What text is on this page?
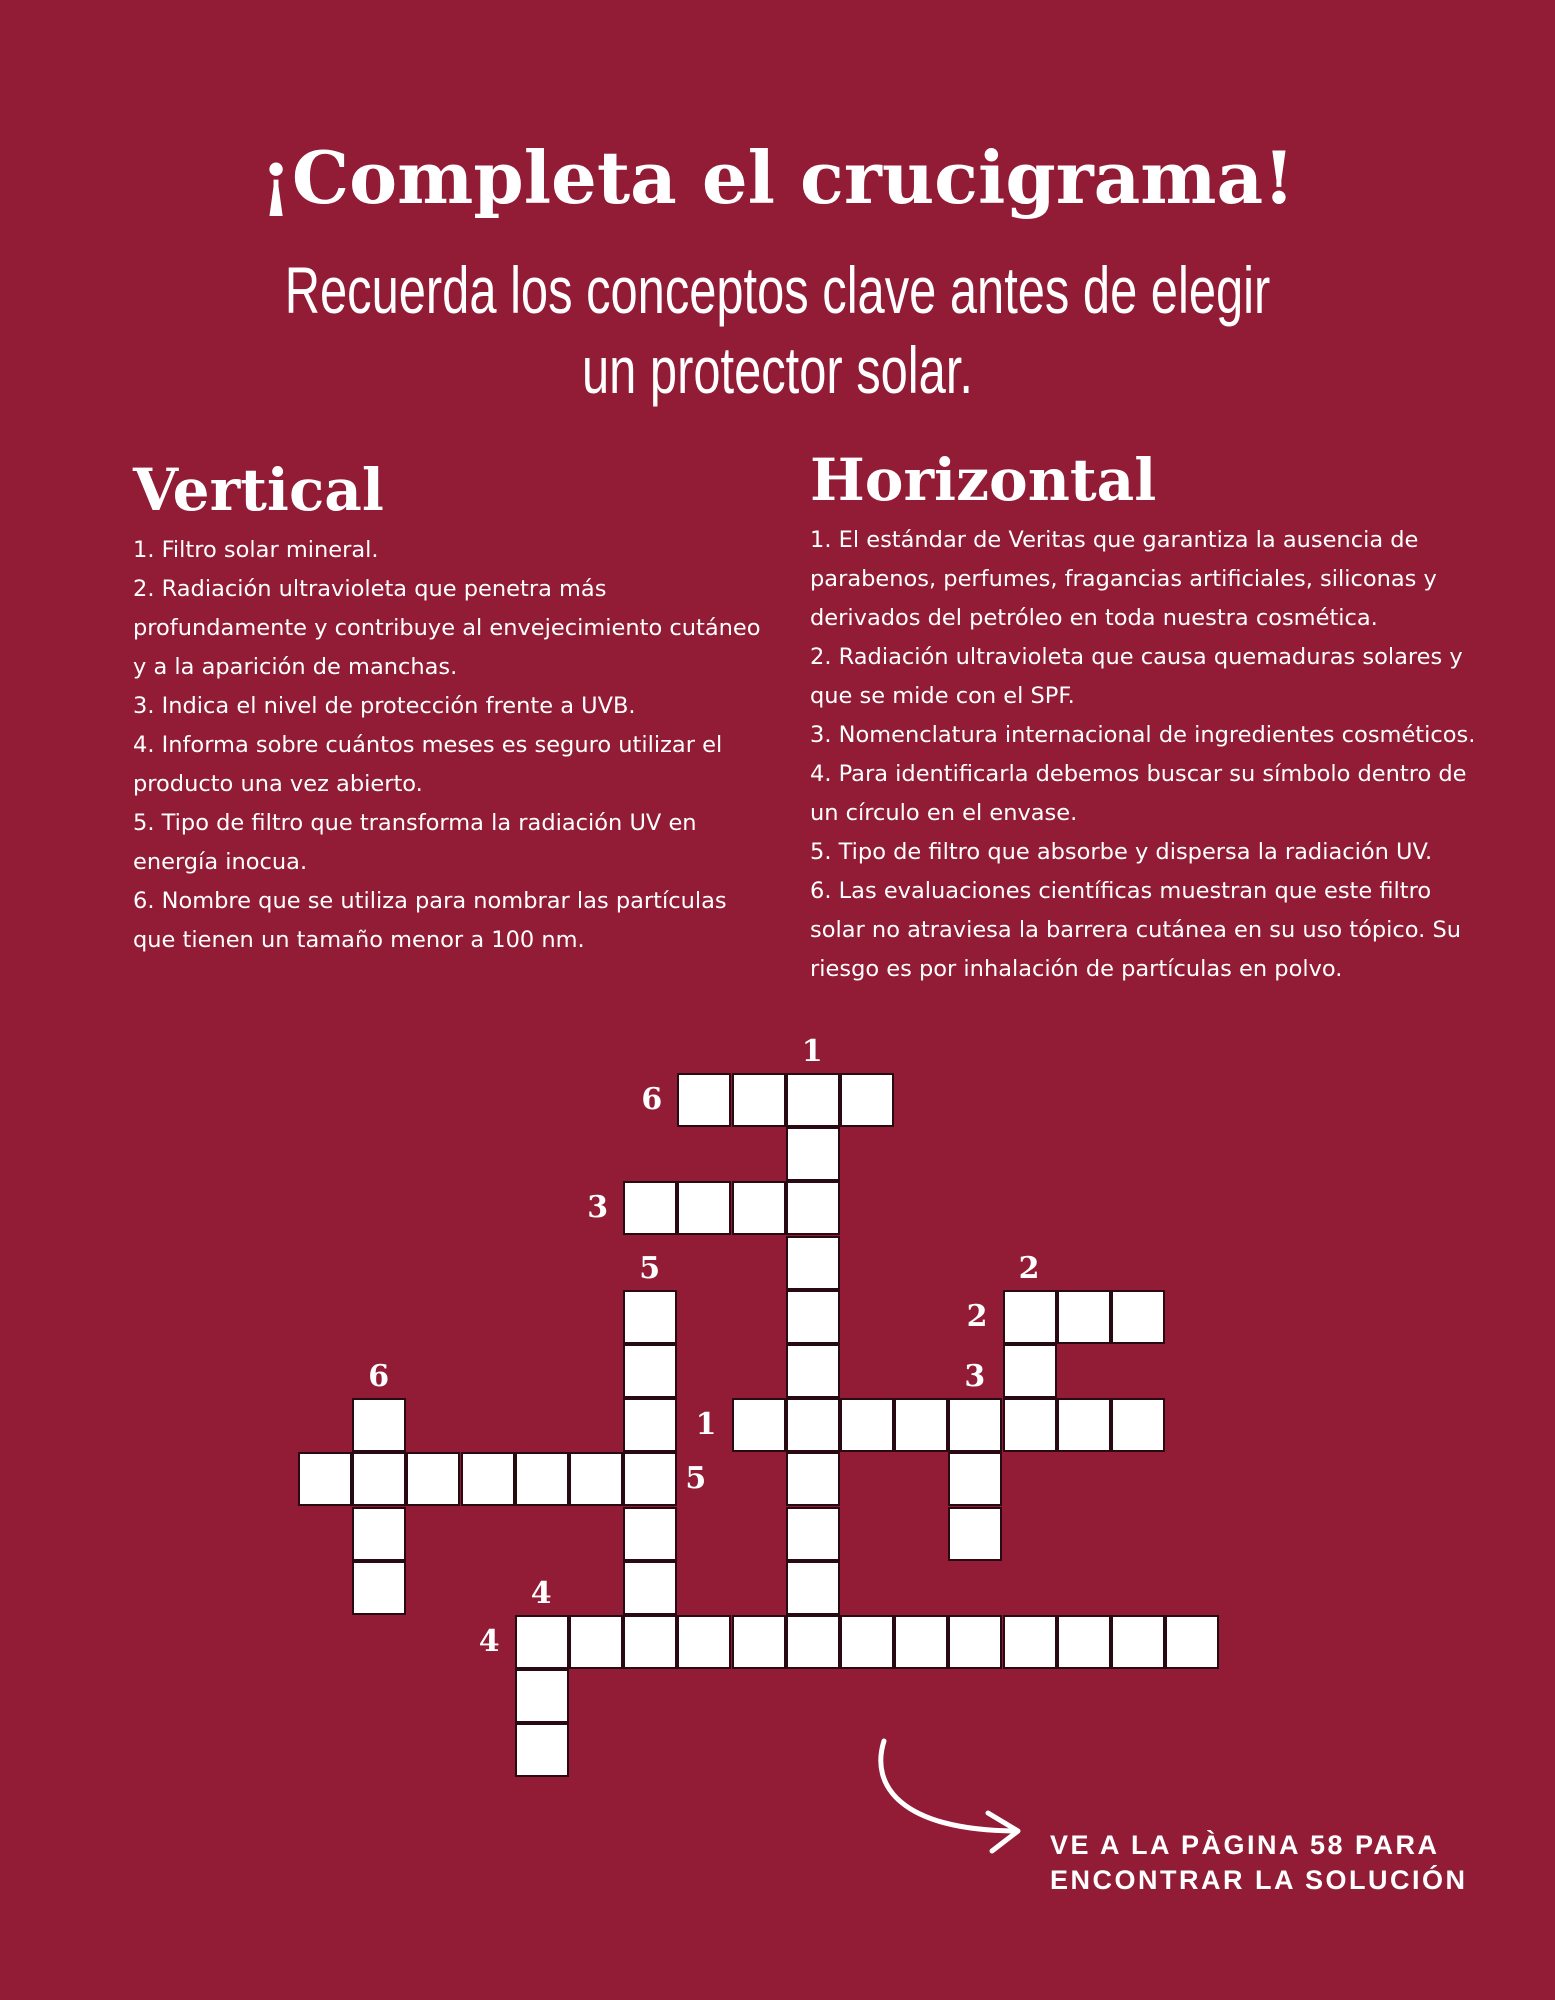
¡Completa el crucigrama!
Recuerda los conceptos clave antes de elegir
un protector solar.
Vertical
1. Filtro solar mineral.
2. Radiación ultravioleta que penetra más profundamente y contribuye al envejecimiento cutáneo y a la aparición de manchas.
3. Indica el nivel de protección frente a UVB.
4. Informa sobre cuántos meses es seguro utilizar el producto una vez abierto.
5. Tipo de filtro que transforma la radiación UV en energía inocua.
6. Nombre que se utiliza para nombrar las partículas que tienen un tamaño menor a 100 nm.
Horizontal
1. El estándar de Veritas que garantiza la ausencia de parabenos, perfumes, fragancias artificiales, siliconas y derivados del petróleo en toda nuestra cosmética.
2. Radiación ultravioleta que causa quemaduras solares y que se mide con el SPF.
3. Nomenclatura internacional de ingredientes cosméticos.
4. Para identificarla debemos buscar su símbolo dentro de un círculo en el envase.
5. Tipo de filtro que absorbe y dispersa la radiación UV.
6. Las evaluaciones científicas muestran que este filtro solar no atraviesa la barrera cutánea en su uso tópico. Su riesgo es por inhalación de partículas en polvo.
6
3
2
1
5
4
1
5	2
3
6
4
VE A LA PÀGINA 58 PARA
ENCONTRAR LA SOLUCIÓN
